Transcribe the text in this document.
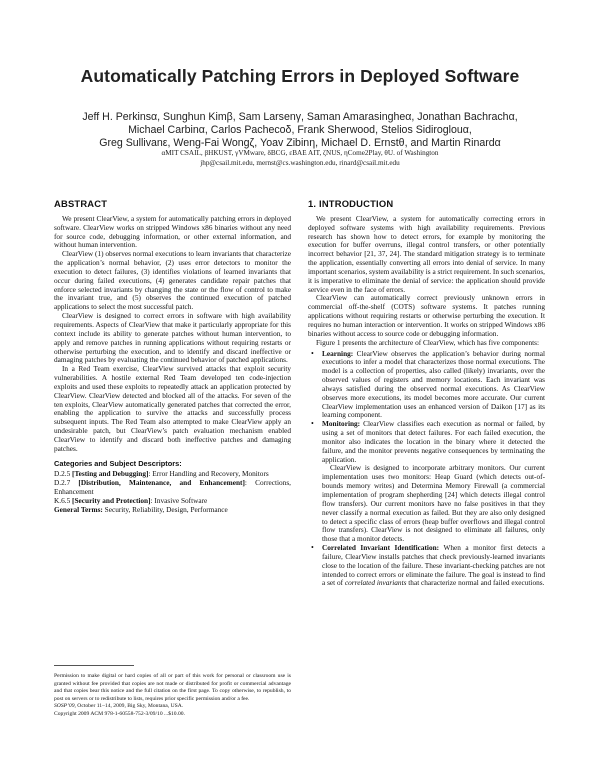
Automatically Patching Errors in Deployed Software
Jeff H. Perkinsα, Sunghun Kimβ, Sam Larsenγ, Saman Amarasingheα, Jonathan Bachrachα,
Michael Carbinα, Carlos Pachecoδ, Frank Sherwood, Stelios Sidiroglouα,
Greg Sullivanε, Weng-Fai Wongζ, Yoav Zibinη, Michael D. Ernstθ, and Martin Rinardα
αMIT CSAIL, βHKUST, γVMware, δBCG, εBAE AIT, ζNUS, ηCome2Play, θU. of Washington
jhp@csail.mit.edu, mernst@cs.washington.edu, rinard@csail.mit.edu
ABSTRACT

We present ClearView, a system for automatically patching errors in deployed software. ClearView works on stripped Windows x86 binaries without any need for source code, debugging information, or other external information, and without human intervention.

ClearView (1) observes normal executions to learn invariants that characterize the application’s normal behavior, (2) uses error detectors to monitor the execution to detect failures, (3) identifies violations of learned invariants that occur during failed executions, (4) generates candidate repair patches that enforce selected invariants by changing the state or the flow of control to make the invariant true, and (5) observes the continued execution of patched applications to select the most successful patch.

ClearView is designed to correct errors in software with high availability requirements. Aspects of ClearView that make it particularly appropriate for this context include its ability to generate patches without human intervention, to apply and remove patches in running applications without requiring restarts or otherwise perturbing the execution, and to identify and discard ineffective or damaging patches by evaluating the continued behavior of patched applications.

In a Red Team exercise, ClearView survived attacks that exploit security vulnerabilities. A hostile external Red Team developed ten code-injection exploits and used these exploits to repeatedly attack an application protected by ClearView. ClearView detected and blocked all of the attacks. For seven of the ten exploits, ClearView automatically generated patches that corrected the error, enabling the application to survive the attacks and successfully process subsequent inputs. The Red Team also attempted to make ClearView apply an undesirable patch, but ClearView’s patch evaluation mechanism enabled ClearView to identify and discard both ineffective patches and damaging patches.

Categories and Subject Descriptors:

D.2.5 [Testing and Debugging]: Error Handling and Recovery, Monitors

D.2.7 [Distribution, Maintenance, and Enhancement]: Corrections, Enhancement

K.6.5 [Security and Protection]: Invasive Software

General Terms: Security, Reliability, Design, Performance

Permission to make digital or hard copies of all or part of this work for personal or classroom use is granted without fee provided that copies are not made or distributed for profit or commercial advantage and that copies bear this notice and the full citation on the first page. To copy otherwise, to republish, to post on servers or to redistribute to lists, requires prior specific permission and/or a fee.
SOSP’09, October 11–14, 2009, Big Sky, Montana, USA.
Copyright 2009 ACM 978-1-60558-752-3/09/10 ...$10.00.
1. INTRODUCTION

We present ClearView, a system for automatically correcting errors in deployed software systems with high availability requirements. Previous research has shown how to detect errors, for example by monitoring the execution for buffer overruns, illegal control transfers, or other potentially incorrect behavior [21, 37, 24]. The standard mitigation strategy is to terminate the application, essentially converting all errors into denial of service. In many important scenarios, system availability is a strict requirement. In such scenarios, it is imperative to eliminate the denial of service: the application should provide service even in the face of errors.

ClearView can automatically correct previously unknown errors in commercial off-the-shelf (COTS) software systems. It patches running applications without requiring restarts or otherwise perturbing the execution. It requires no human interaction or intervention. It works on stripped Windows x86 binaries without access to source code or debugging information.

Figure 1 presents the architecture of ClearView, which has five components:

• Learning: ClearView observes the application’s behavior during normal executions to infer a model that characterizes those normal executions. The model is a collection of properties, also called (likely) invariants, over the observed values of registers and memory locations. Each invariant was always satisfied during the observed normal executions. As ClearView observes more executions, its model becomes more accurate. Our current ClearView implementation uses an enhanced version of Daikon [17] as its learning component.
• Monitoring: ClearView classifies each execution as normal or failed, by using a set of monitors that detect failures. For each failed execution, the monitor also indicates the location in the binary where it detected the failure, and the monitor prevents negative consequences by terminating the application.
ClearView is designed to incorporate arbitrary monitors. Our current implementation uses two monitors: Heap Guard (which detects out-of-bounds memory writes) and Determina Memory Firewall (a commercial implementation of program shepherding [24] which detects illegal control flow transfers). Our current monitors have no false positives in that they never classify a normal execution as failed. But they are also only designed to detect a specific class of errors (heap buffer overflows and illegal control flow transfers). ClearView is not designed to eliminate all failures, only those that a monitor detects.
• Correlated Invariant Identification: When a monitor first detects a failure, ClearView installs patches that check previously-learned invariants close to the location of the failure. These invariant-checking patches are not intended to correct errors or eliminate the failure. The goal is instead to find a set of correlated invariants that characterize normal and failed executions.
